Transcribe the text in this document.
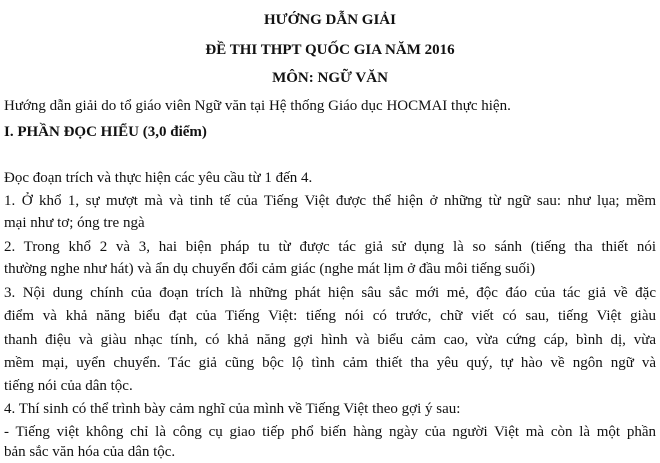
HƯỚNG DẪN GIẢI
ĐỀ THI THPT QUỐC GIA NĂM 2016
MÔN: NGỮ VĂN
Hướng dẫn giải do tổ giáo viên Ngữ văn tại Hệ thống Giáo dục HOCMAI thực hiện.
I. PHẦN ĐỌC HIỂU (3,0 điểm)
Đọc đoạn trích và thực hiện các yêu cầu từ 1 đến 4.
1. Ở khổ 1, sự mượt mà và tinh tế của Tiếng Việt được thể hiện ở những từ ngữ sau: như lụa; mềm
mại như tơ; óng tre ngà
2. Trong khổ 2 và 3, hai biện pháp tu từ được tác giả sử dụng là so sánh (tiếng tha thiết nói
thường nghe như hát) và ẩn dụ chuyển đổi cảm giác (nghe mát lịm ở đầu môi tiếng suối)
3. Nội dung chính của đoạn trích là những phát hiện sâu sắc mới mẻ, độc đáo của tác giả về đặc
điểm và khả năng biểu đạt của Tiếng Việt: tiếng nói có trước, chữ viết có sau, tiếng Việt giàu
thanh điệu và giàu nhạc tính, có khả năng gợi hình và biểu cảm cao, vừa cứng cáp, bình dị, vừa
mềm mại, uyển chuyển. Tác giả cũng bộc lộ tình cảm thiết tha yêu quý, tự hào về ngôn ngữ và
tiếng nói của dân tộc.
4. Thí sinh có thể trình bày cảm nghĩ của mình về Tiếng Việt theo gợi ý sau:
- Tiếng việt không chỉ là công cụ giao tiếp phổ biến hàng ngày của người Việt mà còn là một phần
bản sắc văn hóa của dân tộc.
